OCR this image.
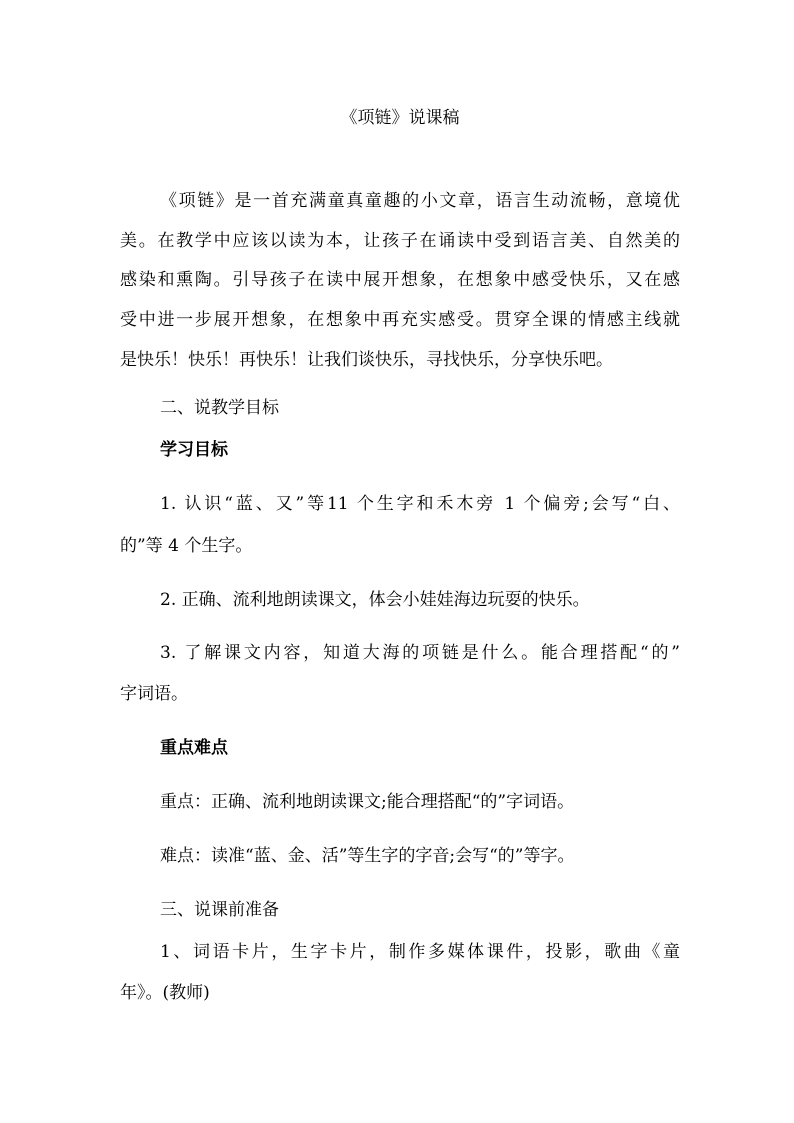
《项链》说课稿
《项链》是一首充满童真童趣的小文章，语言生动流畅，意境优
美。在教学中应该以读为本，让孩子在诵读中受到语言美、自然美的
感染和熏陶。引导孩子在读中展开想象，在想象中感受快乐，又在感
受中进一步展开想象，在想象中再充实感受。贯穿全课的情感主线就
是快乐！快乐！再快乐！让我们谈快乐，寻找快乐，分享快乐吧。
二、说教学目标
学习目标
1. 认识“蓝、又”等11 个生字和禾木旁 1 个偏旁;会写“白、
的”等 4 个生字。
2. 正确、流利地朗读课文，体会小娃娃海边玩耍的快乐。
3. 了解课文内容，知道大海的项链是什么。能合理搭配“的”
字词语。
重点难点
重点：正确、流利地朗读课文;能合理搭配“的”字词语。
难点：读准“蓝、金、活”等生字的字音;会写“的”等字。
三、说课前准备
1、词语卡片，生字卡片，制作多媒体课件，投影，歌曲《童
年》。(教师)
